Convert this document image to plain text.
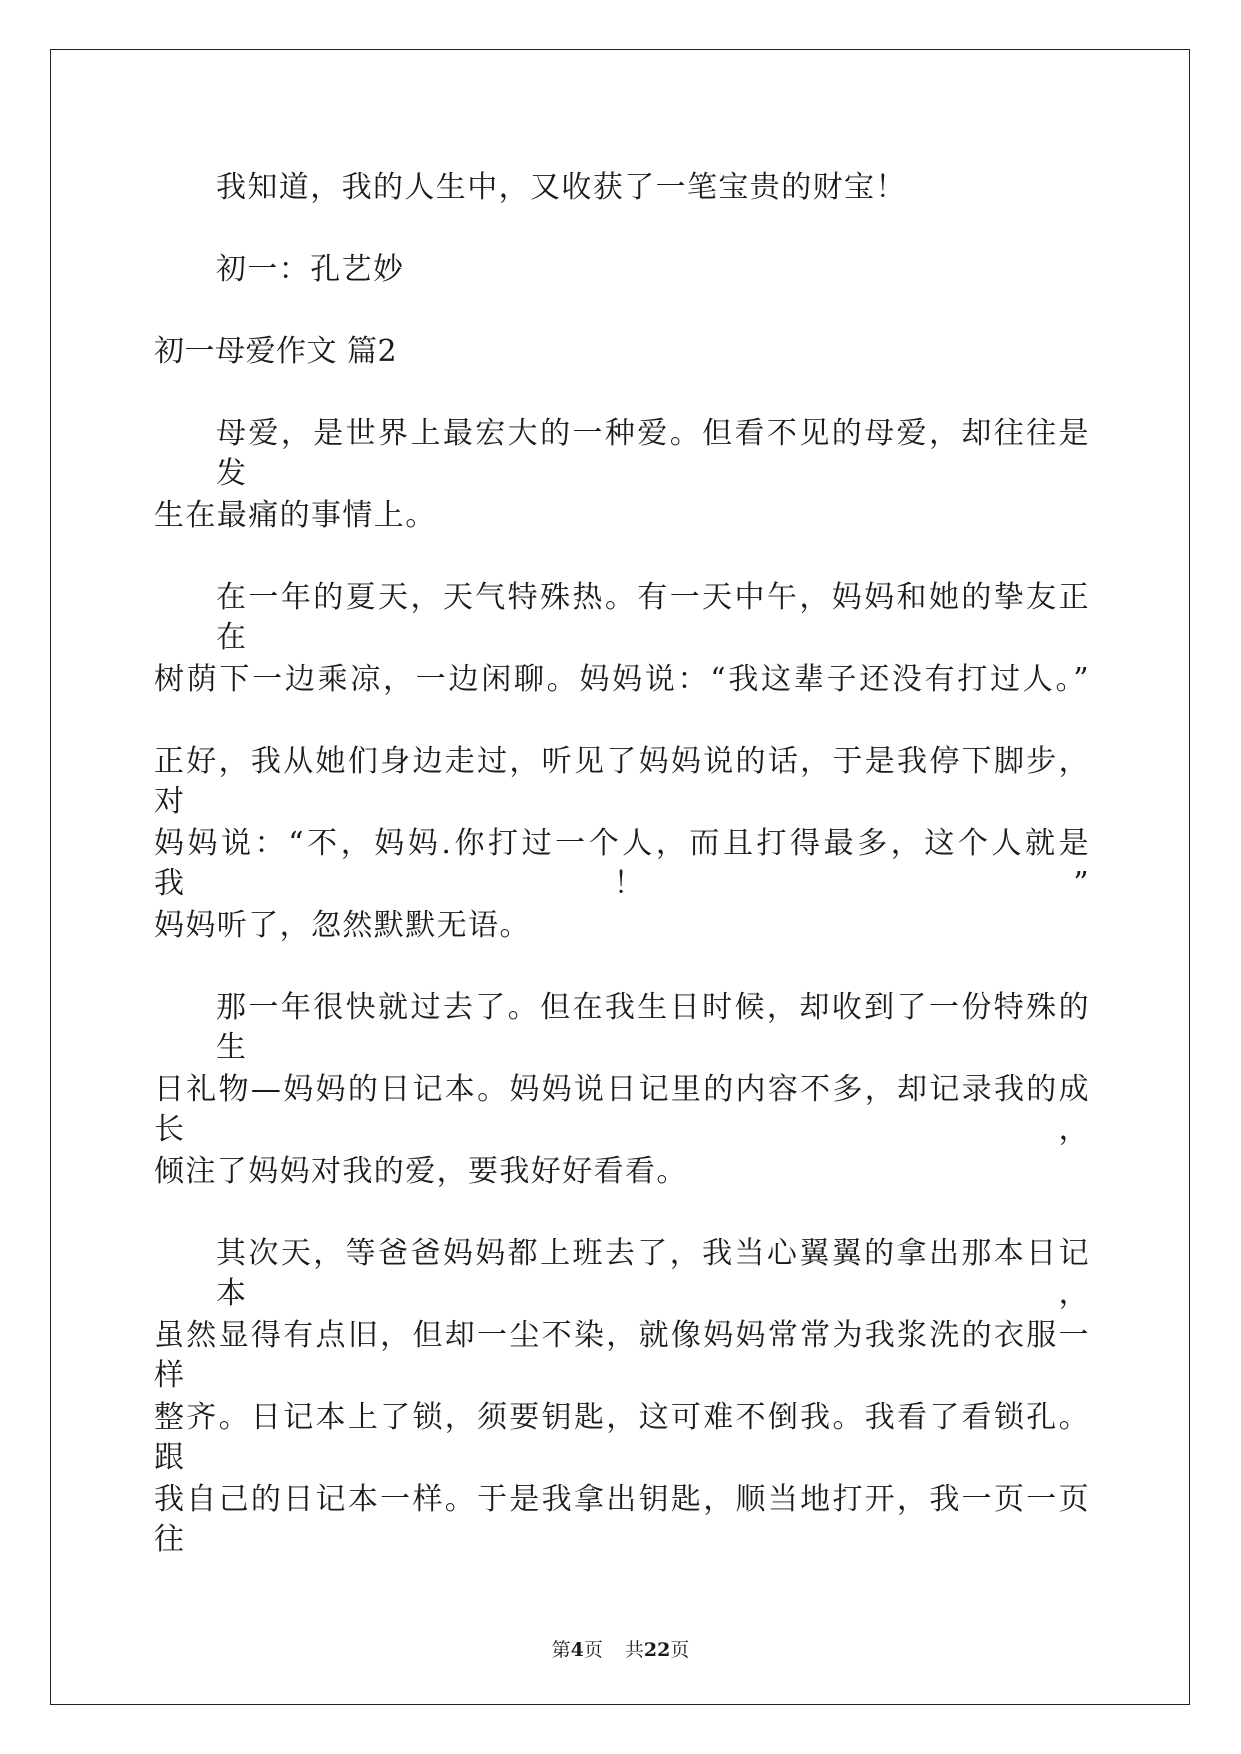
我知道，我的人生中，又收获了一笔宝贵的财宝！
初一：孔艺妙
初一母爱作文 篇2
母爱，是世界上最宏大的一种爱。但看不见的母爱，却往往是发
生在最痛的事情上。
在一年的夏天，天气特殊热。有一天中午，妈妈和她的挚友正在
树荫下一边乘凉，一边闲聊。妈妈说：“我这辈子还没有打过人。”
正好，我从她们身边走过，听见了妈妈说的话，于是我停下脚步，对
妈妈说：“不，妈妈.你打过一个人，而且打得最多，这个人就是我！”
妈妈听了，忽然默默无语。
那一年很快就过去了。但在我生日时候，却收到了一份特殊的生
日礼物—妈妈的日记本。妈妈说日记里的内容不多，却记录我的成长，
倾注了妈妈对我的爱，要我好好看看。
其次天，等爸爸妈妈都上班去了，我当心翼翼的拿出那本日记本，
虽然显得有点旧，但却一尘不染，就像妈妈常常为我浆洗的衣服一样
整齐。日记本上了锁，须要钥匙，这可难不倒我。我看了看锁孔。跟
我自己的日记本一样。于是我拿出钥匙，顺当地打开，我一页一页往
第4页 共22页
